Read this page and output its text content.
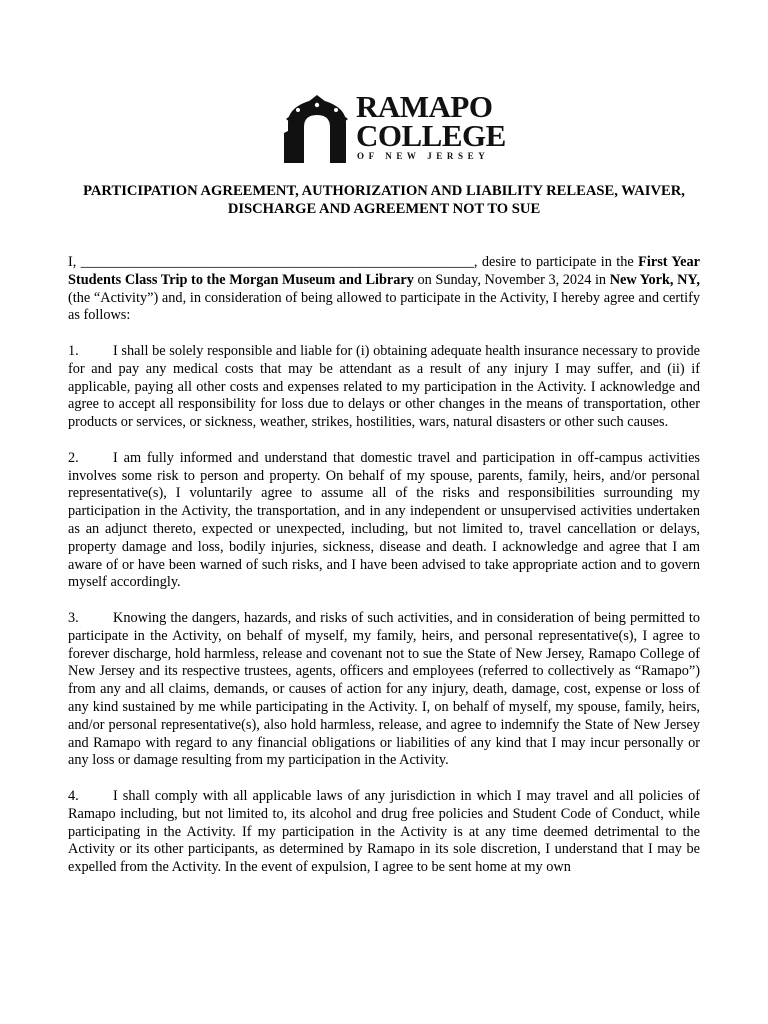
RAMAPO
COLLEGE
OF NEW JERSEY
PARTICIPATION AGREEMENT, AUTHORIZATION AND LIABILITY RELEASE, WAIVER, DISCHARGE AND AGREEMENT NOT TO SUE

I, _______________________________________________________, desire to participate in the First Year Students Class Trip to the Morgan Museum and Library on Sunday, November 3, 2024 in New York, NY, (the “Activity”) and, in consideration of being allowed to participate in the Activity, I hereby agree and certify as follows:

1. I shall be solely responsible and liable for (i) obtaining adequate health insurance necessary to provide for and pay any medical costs that may be attendant as a result of any injury I may suffer, and (ii) if applicable, paying all other costs and expenses related to my participation in the Activity. I acknowledge and agree to accept all responsibility for loss due to delays or other changes in the means of transportation, other products or services, or sickness, weather, strikes, hostilities, wars, natural disasters or other such causes.

2. I am fully informed and understand that domestic travel and participation in off-campus activities involves some risk to person and property. On behalf of my spouse, parents, family, heirs, and/or personal representative(s), I voluntarily agree to assume all of the risks and responsibilities surrounding my participation in the Activity, the transportation, and in any independent or unsupervised activities undertaken as an adjunct thereto, expected or unexpected, including, but not limited to, travel cancellation or delays, property damage and loss, bodily injuries, sickness, disease and death. I acknowledge and agree that I am aware of or have been warned of such risks, and I have been advised to take appropriate action and to govern myself accordingly.

3. Knowing the dangers, hazards, and risks of such activities, and in consideration of being permitted to participate in the Activity, on behalf of myself, my family, heirs, and personal representative(s), I agree to forever discharge, hold harmless, release and covenant not to sue the State of New Jersey, Ramapo College of New Jersey and its respective trustees, agents, officers and employees (referred to collectively as “Ramapo”) from any and all claims, demands, or causes of action for any injury, death, damage, cost, expense or loss of any kind sustained by me while participating in the Activity. I, on behalf of myself, my spouse, family, heirs, and/or personal representative(s), also hold harmless, release, and agree to indemnify the State of New Jersey and Ramapo with regard to any financial obligations or liabilities of any kind that I may incur personally or any loss or damage resulting from my participation in the Activity.

4. I shall comply with all applicable laws of any jurisdiction in which I may travel and all policies of Ramapo including, but not limited to, its alcohol and drug free policies and Student Code of Conduct, while participating in the Activity. If my participation in the Activity is at any time deemed detrimental to the Activity or its other participants, as determined by Ramapo in its sole discretion, I understand that I may be expelled from the Activity. In the event of expulsion, I agree to be sent home at my own
